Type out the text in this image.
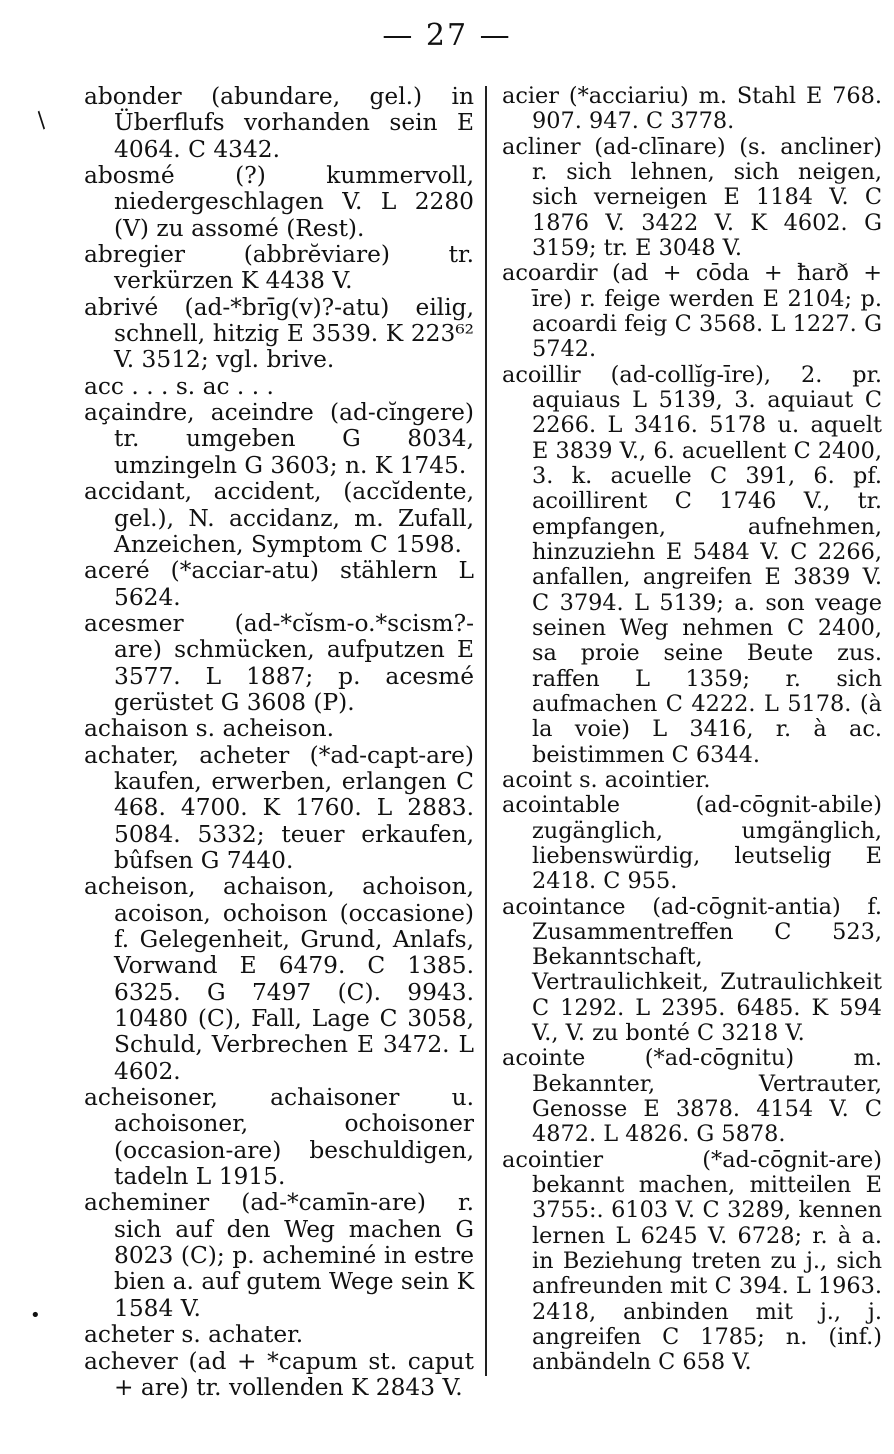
— 27 —

abonder (abundare, gel.) in Überflufs vorhanden sein E 4064. C 4342.

abosmé (?) kummervoll, niedergeschlagen V. L 2280 (V) zu assomé (Rest).

abregier (abbrĕviare) tr. verkürzen K 4438 V.

abrivé (ad-*brīg(v)?-atu) eilig, schnell, hitzig E 3539. K 223⁶² V. 3512; vgl. brive.

acc . . . s. ac . . .

açaindre, aceindre (ad-cĭngere) tr. umgeben G 8034, umzingeln G 3603; n. K 1745.

accidant, accident, (accĭdente, gel.), N. accidanz, m. Zufall, Anzeichen, Symptom C 1598.

aceré (*acciar-atu) stählern L 5624.

acesmer (ad-*cĭsm-o.*scism?-are) schmücken, aufputzen E 3577. L 1887; p. acesmé gerüstet G 3608 (P).

achaison s. acheison.

achater, acheter (*ad-capt-are) kaufen, erwerben, erlangen C 468. 4700. K 1760. L 2883. 5084. 5332; teuer erkaufen, bûfsen G 7440.

acheison, achaison, achoison, acoison, ochoison (occasione) f. Gelegenheit, Grund, Anlafs, Vorwand E 6479. C 1385. 6325. G 7497 (C). 9943. 10480 (C), Fall, Lage C 3058, Schuld, Verbrechen E 3472. L 4602.

acheisoner, achaisoner u. achoisoner, ochoisoner (occasion-are) beschuldigen, tadeln L 1915.

acheminer (ad-*camīn-are) r. sich auf den Weg machen G 8023 (C); p. acheminé in estre bien a. auf gutem Wege sein K 1584 V.

acheter s. achater.

achever (ad + *capum st. caput + are) tr. vollenden K 2843 V.

acier (*acciariu) m. Stahl E 768. 907. 947. C 3778.

acliner (ad-clīnare) (s. ancliner) r. sich lehnen, sich neigen, sich verneigen E 1184 V. C 1876 V. 3422 V. K 4602. G 3159; tr. E 3048 V.

acoardir (ad + cōda + ħarð + īre) r. feige werden E 2104; p. acoardi feig C 3568. L 1227. G 5742.

acoillir (ad-collĭg-īre), 2. pr. aquiaus L 5139, 3. aquiaut C 2266. L 3416. 5178 u. aquelt E 3839 V., 6. acuellent C 2400, 3. k. acuelle C 391, 6. pf. acoillirent C 1746 V., tr. empfangen, aufnehmen, hinzuziehn E 5484 V. C 2266, anfallen, angreifen E 3839 V. C 3794. L 5139; a. son veage seinen Weg nehmen C 2400, sa proie seine Beute zus. raffen L 1359; r. sich aufmachen C 4222. L 5178. (à la voie) L 3416, r. à ac. beistimmen C 6344.

acoint s. acointier.

acointable (ad-cōgnit-abile) zugänglich, umgänglich, liebenswürdig, leutselig E 2418. C 955.

acointance (ad-cōgnit-antia) f. Zusammentreffen C 523, Bekanntschaft, Vertraulichkeit, Zutraulichkeit C 1292. L 2395. 6485. K 594 V., V. zu bonté C 3218 V.

acointe (*ad-cōgnitu) m. Bekannter, Vertrauter, Genosse E 3878. 4154 V. C 4872. L 4826. G 5878.

acointier (*ad-cōgnit-are) bekannt machen, mitteilen E 3755:. 6103 V. C 3289, kennen lernen L 6245 V. 6728; r. à a. in Beziehung treten zu j., sich anfreunden mit C 394. L 1963. 2418, anbinden mit j., j. angreifen C 1785; n. (inf.) anbändeln C 658 V.

/
•
